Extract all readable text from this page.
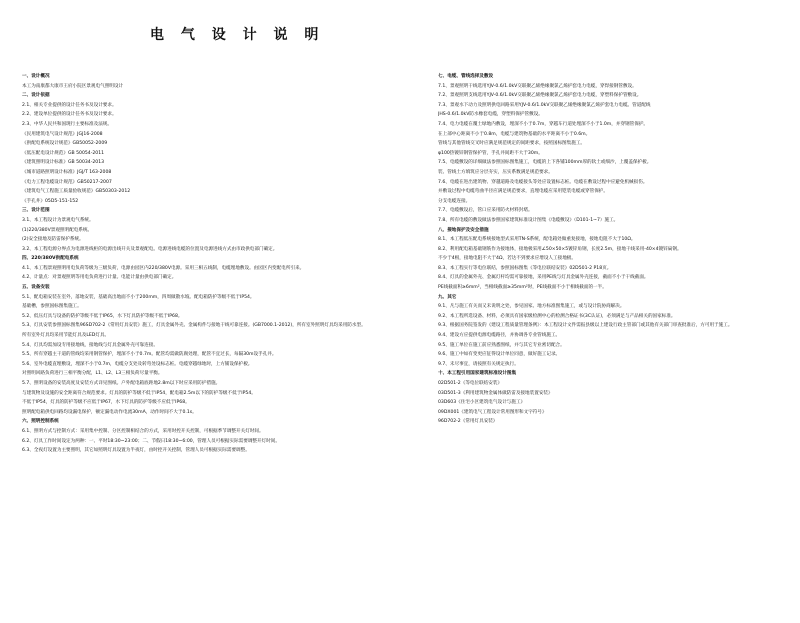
电 气 设 计 说 明

一、设计概况

本工为南康都大康市王府小院区景观电气照明设计

二、设计依据

2.1、相关专业提供的设计任务书及设计要求。

2.2、建设单位提供的设计任务书及设计要求。

2.3、中华人民共和国现行主要标准及法规。

《民用建筑电气设计规范》JGJ16-2008

《供配电系统设计规范》GB50052-2009

《低压配电设计规范》GB 50054-2011

《建筑照明设计标准》GB 50034-2013

《城市道路照明设计标准》JGJ/T 163-2008

《电力工程电缆设计规范》GB50217-2007

《建筑电气工程施工质量验收规范》GB50303-2012

《手孔井》05D5-151-152

三、设计范围

3.1、本工程设计为景观电气系统。

(1)220/380V景观照明配电系统。

(2)安全接地及防雷保护系统。

3.2、本工程电源分界点为电源进线柜的电源出线开关及景观配电。电源进线电缆的位置及电源进线方式由市政供电部门确定。

四、220/380V供配电系统

4.1、本工程景观照明用电负荷等级为三级负荷，电源由园区内220/380V电源。采用三相五线制，电缆埋地敷设。由园区内变配电所引来。

4.2、计量点：对景观照明等用电负荷进行计量。电能计量由供电部门确定。

五、设备安装

5.1、配电箱安装在室外，落地安装，基础高出地面不小于200mm，四周做散水坡。配电箱防护等级不低于IP54。

基础槽，参照国标图集施工。

5.2、低压灯具与设备的防护等级不低于IP65，水下灯具防护等级不低于IP68。

5.3、灯具安装参照国标图集96SD702-2《常用灯具安装》施工，灯具金属外壳、金属构件与接地干线可靠连接。(GB7000.1-2012)，所有室外照明灯具均采用防水型。

所有室外灯具均采用节能灯具及LED灯具。

5.4、灯具均需加设专用接地线，接地线与灯具金属外壳可靠连接。

5.5、所有穿越主干道的管线均采用钢管保护，埋深不小于0.7m。配管均需做防腐处理，配管不宜过长，每隔30m设手孔井。

5.6、室外电缆直埋敷设，埋深不小于0.7m，电缆分支处及转弯处设标志桩。电缆穿越绿地时，上方铺设保护板。

对照明回路负荷进行三相平衡分配，L1、L2、L3三相负荷尽量平衡。

5.7、照明设备的安装高度及安装方式详见图纸。户外配电箱底距地2.8m以下时应采用防护措施。

与建筑物及设施的安全距离符合规范要求。灯具的防护等级不低于IP54，配电箱2.5m以下的防护等级不低于IP54。

不低于IP54，灯具的防护等级不应低于IP67，水下灯具的防护等级不应低于IP68。

照明配电箱供电回路均设漏电保护，额定漏电动作电流30mA，动作时间不大于0.1s。

六、照明控制系统

6.1、照明方式与控制方式：采用集中控制、分区控制相结合的方式，采用时控开关控制，可根据季节调整开关灯时间。

6.2、灯具工作时间设定为两种：一、平时18:30~23:00；二、节假日18:30~6:00，管理人员可根据实际需要调整开灯时间。

6.3、全夜灯设置为主要照明，其它如照明灯具设置为半夜灯，由时控开关控制，管理人员可根据实际需要调整。

七、电缆、管线选择及敷设

7.1、景观照明干线选用YJV-0.6/1.0kV交联聚乙烯绝缘聚氯乙烯护套电力电缆，穿焊接钢管敷设。

7.2、景观照明支线选用YJV-0.6/1.0kV交联聚乙烯绝缘聚氯乙烯护套电力电缆，穿塑料保护管敷设。

7.3、景观水下动力及照明供电回路采用YJV-0.6/1.0kV交联聚乙烯绝缘聚氯乙烯护套电力电缆。管道配线

JHS-0.6/1.0kV防水橡套电缆，穿塑料保护管敷设。

7.4、电力电缆在覆土绿地内敷设，埋深不小于0.7m，穿越车行道处埋深不小于1.0m，并穿钢管保护。

在上部中心距离不小于0.8m，电缆与建筑物基础的水平距离不小于0.6m。

管线与其他管线交叉时应满足规范规定的间距要求，按照国标图集施工。

φ100热镀锌钢管保护管，手孔井间距不大于30m。

7.5、电缆敷设的详细做法参照国标图集施工，电缆的上下各铺100mm厚的软土或细沙，上覆盖保护板。

装、管线土方填筑应分层夯实，压实系数满足规范要求。

7.6、电缆在进出建筑物、穿越道路及电缆接头等处应设置标志桩。电缆在敷设过程中应避免机械损伤。

并敷设过程中电缆弯曲半径应满足规范要求，直埋电缆应采用铠装电缆或穿管保护。

分支电缆连接。

7.7、电缆敷设后，管口应采用防火材料封堵。

7.8、所有电缆的敷设做法参照国家建筑标准设计图集《电缆敷设》（D101-1~7）施工。

八、接地保护及安全措施

8.1、本工程低压配电系统接地型式采用TN-S系统，配电箱处做重复接地，接地电阻不大于10Ω。

8.2、利用配电箱基础钢筋作为接地体，接地极采用∠50×50×5镀锌角钢，长度2.5m，接地干线采用-40×4镀锌扁钢。

不少于4根，接地电阻不大于4Ω，若达不到要求应增设人工接地极。

8.3、本工程实行等电位联结，参照国标图集《等电位联结安装》02D501-2 P18页。

8.4、灯具的金属外壳、金属灯杆均需可靠接地，采用PE线与灯具金属外壳连接，截面不小于干线截面。

PE线截面积≥6mm²，当相线截面≥35mm²时，PE线截面不小于相线截面的一半。

九、其它

9.1、凡与施工有关而又未说明之处，参见国家、地方标准图集施工，或与设计院协商解决。

9.2、本工程所选设备、材料，必须具有国家级检测中心的检测合格证书(3C认证)，必须满足与产品相关的国家标准。

9.3、根据国务院签发的《建设工程质量管理条例》：本工程设计文件需报县级以上建设行政主管部门或其他有关部门审查批准后，方可用于施工。

9.4、建设方应提供电源电缆路径，并协调各专业管线施工。

9.5、施工单位在施工前应熟悉图纸，并与其它专业密切配合。

9.6、施工中如有变更应征得设计单位同意，做好施工记录。

9.7、未尽事宜，请按照有关规定执行。

十、本工程引用国家建筑标准设计图集

02D501-2《等电位联结安装》

03D501-3《利用建筑物金属体做防雷及接地装置安装》

03D603《住宅小区建筑电气设计与施工》

09DX001《建筑电气工程设计常用图形和文字符号》

96D702-2《常用灯具安装》
